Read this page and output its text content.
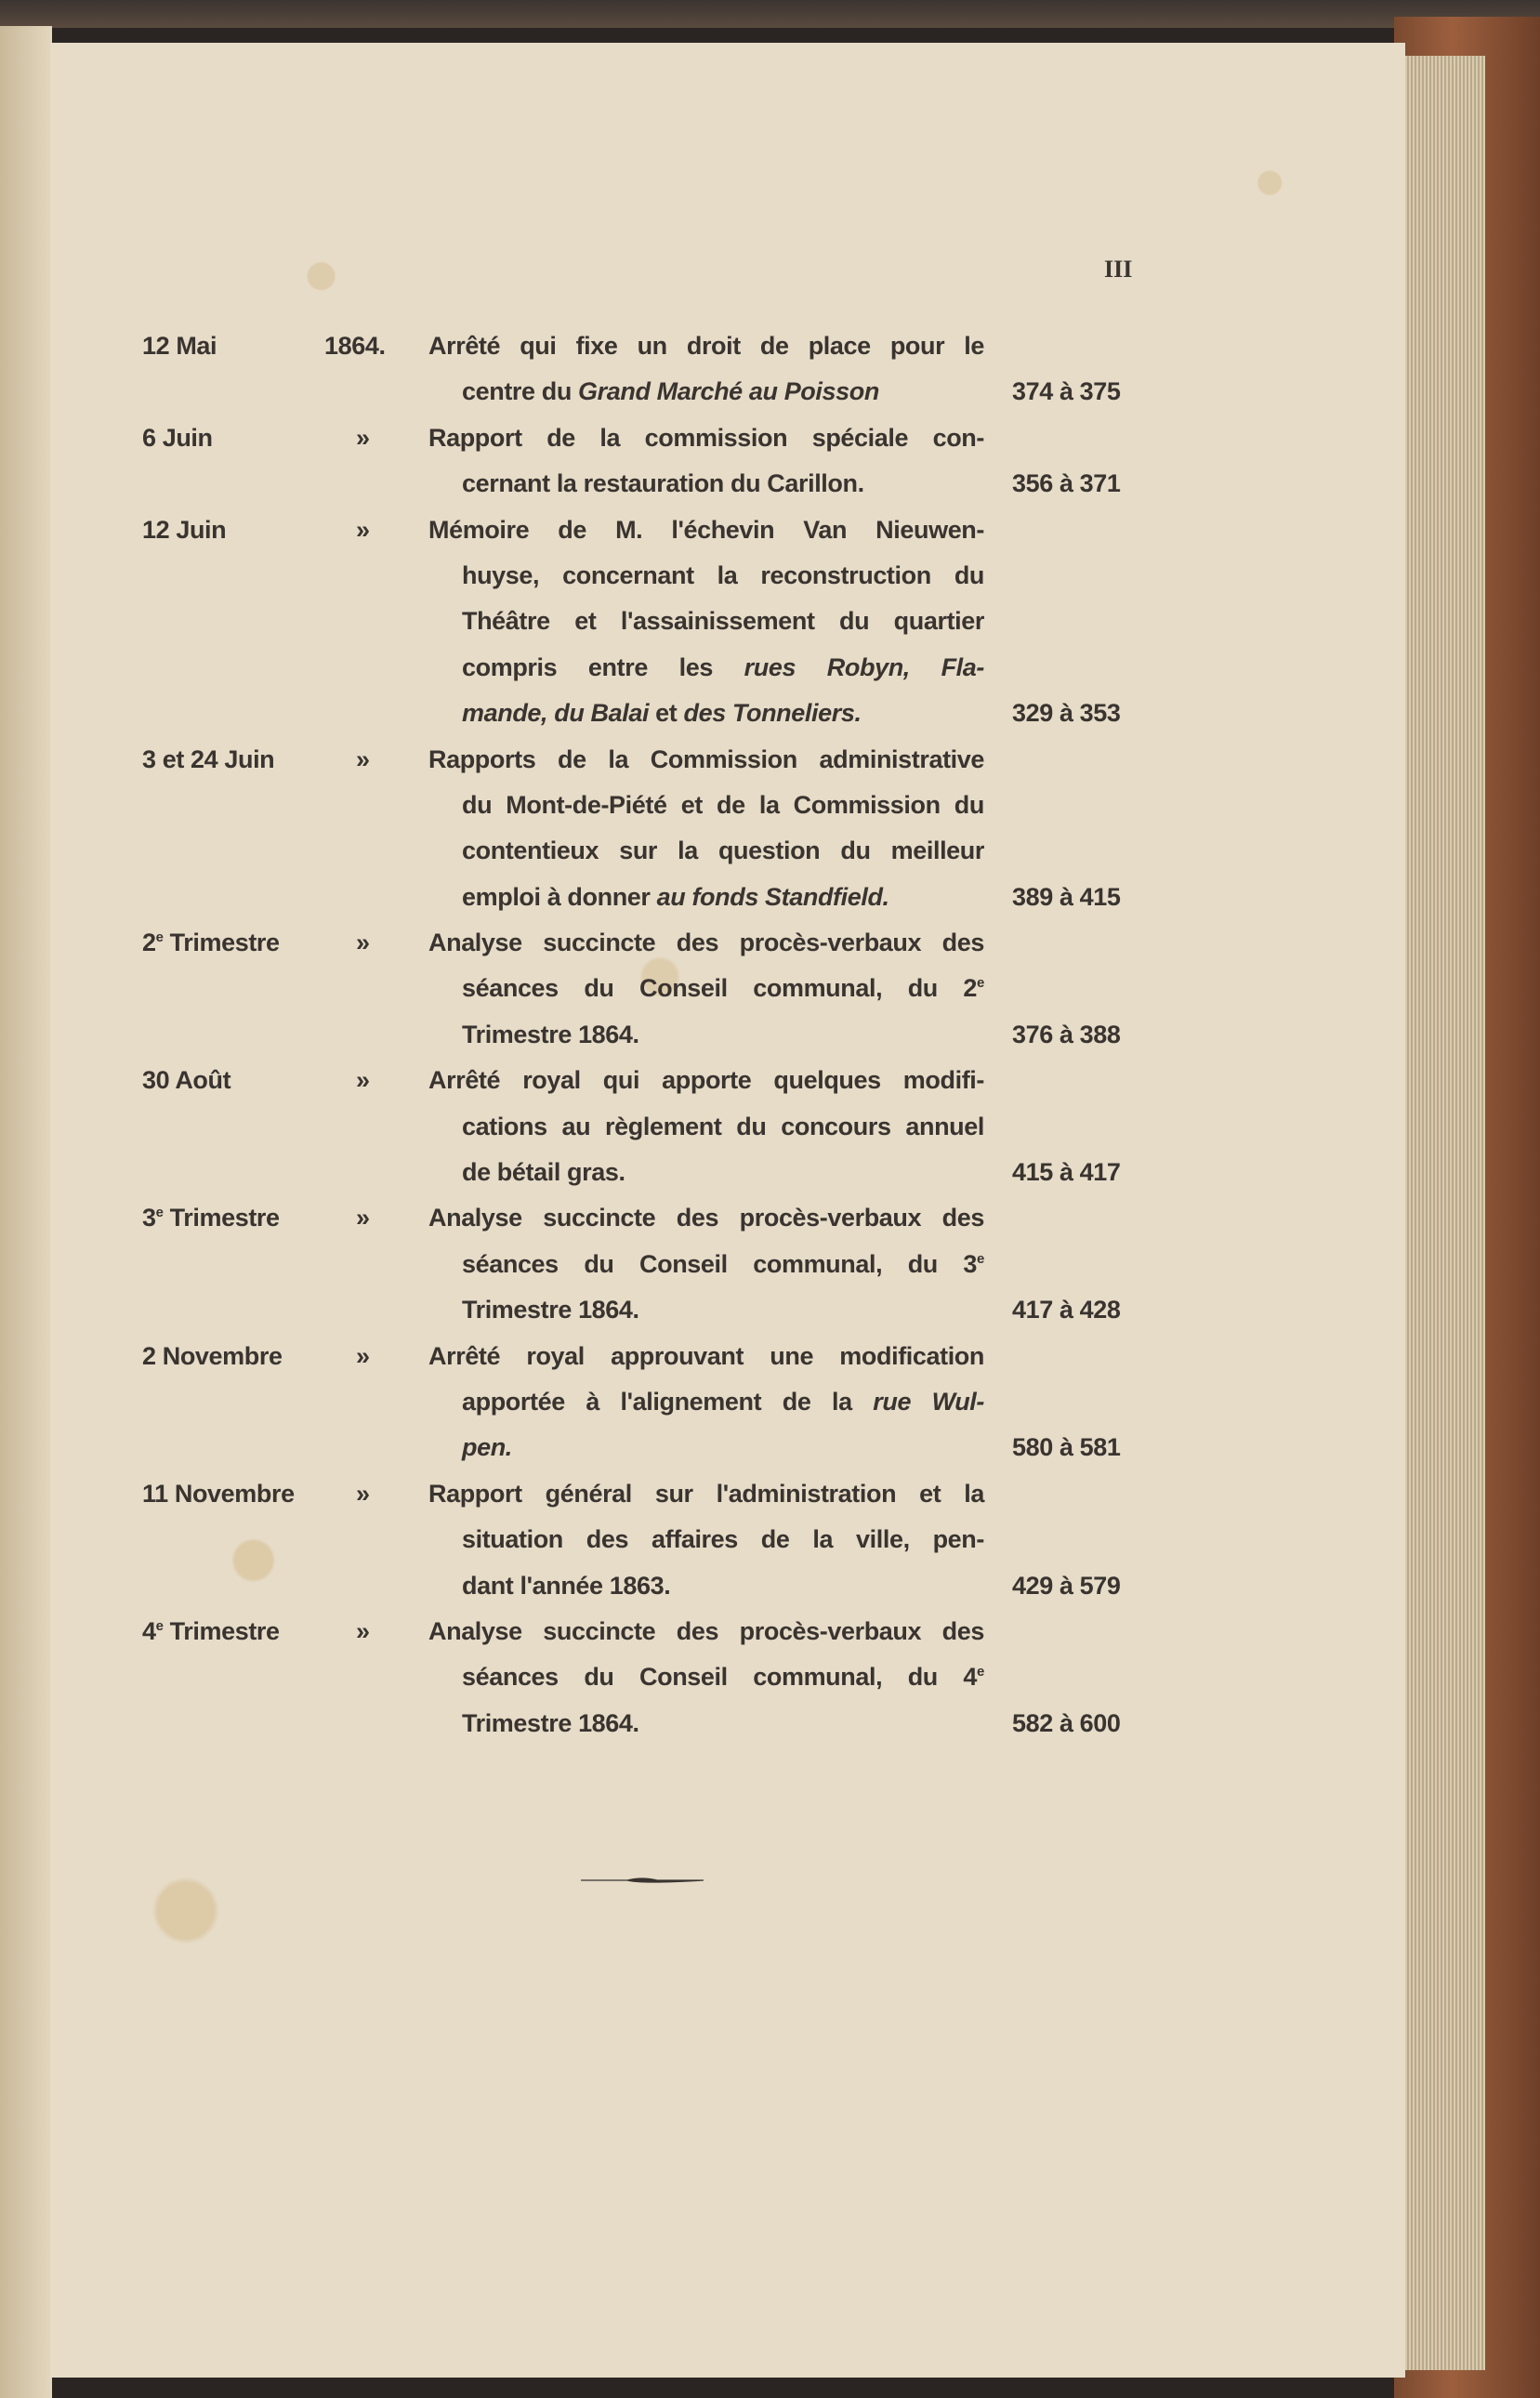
III
12 Mai	1864. Arrêté qui fixe un droit de place pour le
centre du Grand Marché au Poisson	374 à 375
6 Juin	» Rapport de la commission spéciale con-
cernant la restauration du Carillon.	356 à 371
12 Juin	» Mémoire de M. l'échevin Van Nieuwen-
huyse, concernant la reconstruction du
Théâtre et l'assainissement du quartier
compris entre les rues Robyn, Fla-
mande, du Balai et des Tonneliers.	329 à 353
3 et 24 Juin	» Rapports de la Commission administrative
du Mont-de-Piété et de la Commission du
contentieux sur la question du meilleur
emploi à donner au fonds Standfield.	389 à 415
2e Trimestre	» Analyse succincte des procès-verbaux des
séances du Conseil communal, du 2e
Trimestre 1864.	376 à 388
30 Août	» Arrêté royal qui apporte quelques modifi-
cations au règlement du concours annuel
de bétail gras.	415 à 417
3e Trimestre	» Analyse succincte des procès-verbaux des
séances du Conseil communal, du 3e
Trimestre 1864.	417 à 428
2 Novembre	» Arrêté royal approuvant une modification
apportée à l'alignement de la rue Wul-
pen.	580 à 581
11 Novembre » Rapport général sur l'administration et la
situation des affaires de la ville, pen-
dant l'année 1863.	429 à 579
4e Trimestre	» Analyse succincte des procès-verbaux des
séances du Conseil communal, du 4e
Trimestre 1864.	582 à 600
